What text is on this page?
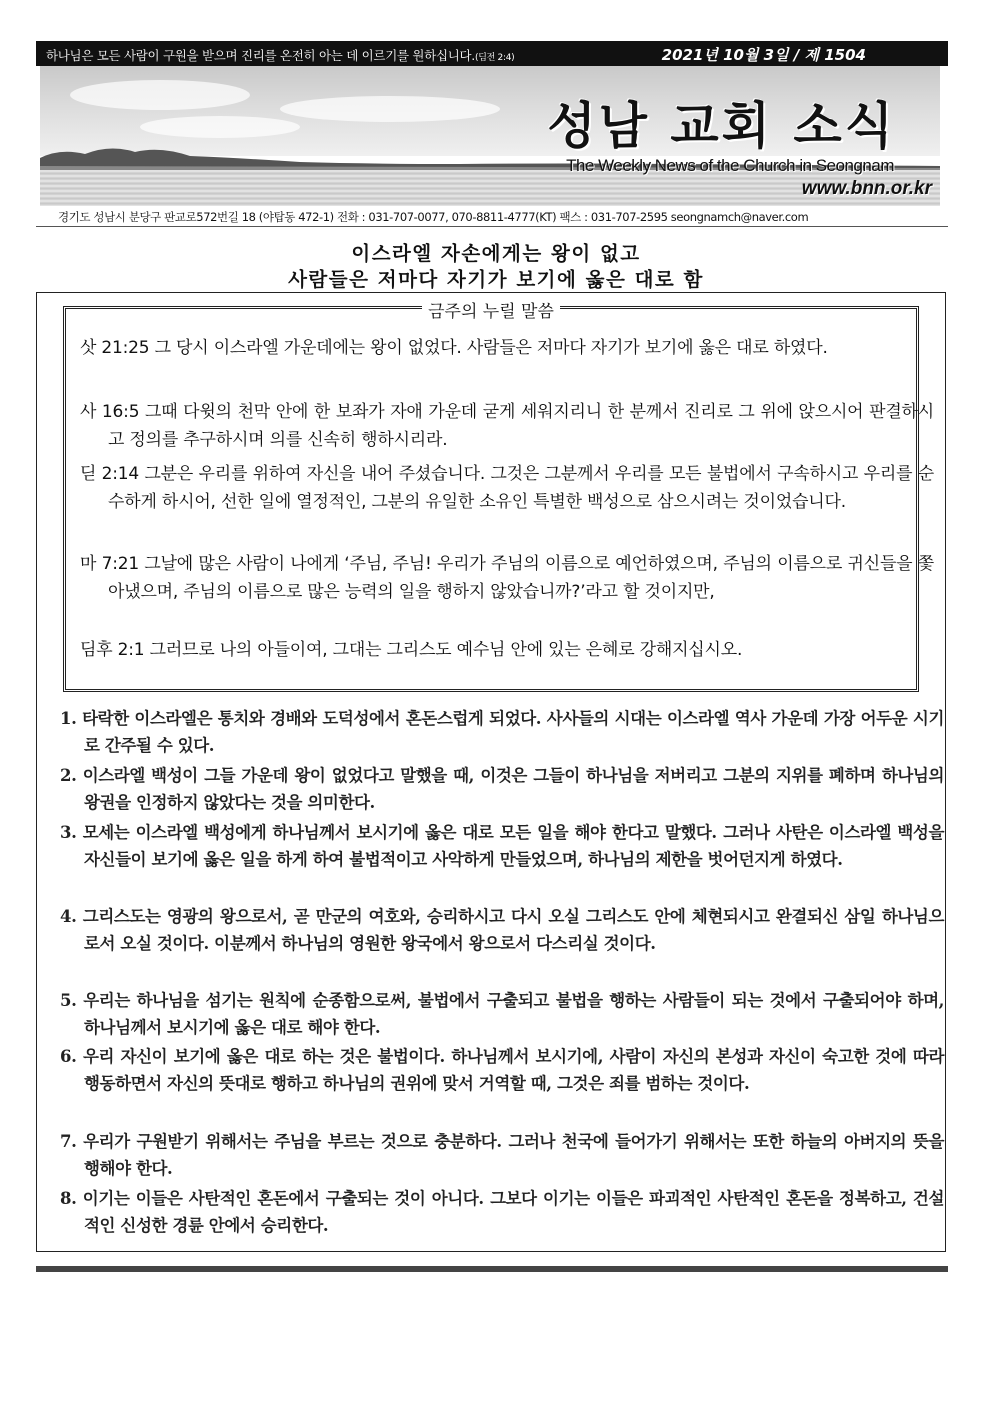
하나님은 모든 사람이 구원을 받으며 진리를 온전히 아는 데 이르기를 원하십니다.(딤전 2:4)	2021년 10월 3일 / 제 1504
성남 교회 소식
The Weekly News of the Church in Seongnam
www.bnn.or.kr
경기도 성남시 분당구 판교로572번길 18 (야탑동 472-1) 전화 : 031-707-0077, 070-8811-4777(KT) 팩스 : 031-707-2595 seongnamch@naver.com
이스라엘 자손에게는 왕이 없고
사람들은 저마다 자기가 보기에 옳은 대로 함
금주의 누릴 말씀
삿 21:25 그 당시 이스라엘 가운데에는 왕이 없었다. 사람들은 저마다 자기가 보기에 옳은 대로 하였다.
사 16:5 그때 다윗의 천막 안에 한 보좌가 자애 가운데 굳게 세워지리니 한 분께서 진리로 그 위에 앉으시어 판결하시고 정의를 추구하시며 의를 신속히 행하시리라.
딛 2:14 그분은 우리를 위하여 자신을 내어 주셨습니다. 그것은 그분께서 우리를 모든 불법에서 구속하시고 우리를 순수하게 하시어, 선한 일에 열정적인, 그분의 유일한 소유인 특별한 백성으로 삼으시려는 것이었습니다.
마 7:21 그날에 많은 사람이 나에게 ‘주님, 주님! 우리가 주님의 이름으로 예언하였으며, 주님의 이름으로 귀신들을 쫓아냈으며, 주님의 이름으로 많은 능력의 일을 행하지 않았습니까?’라고 할 것이지만,
딤후 2:1 그러므로 나의 아들이여, 그대는 그리스도 예수님 안에 있는 은혜로 강해지십시오.
1. 타락한 이스라엘은 통치와 경배와 도덕성에서 혼돈스럽게 되었다. 사사들의 시대는 이스라엘 역사 가운데 가장 어두운 시기로 간주될 수 있다.
2. 이스라엘 백성이 그들 가운데 왕이 없었다고 말했을 때, 이것은 그들이 하나님을 저버리고 그분의 지위를 폐하며 하나님의 왕권을 인정하지 않았다는 것을 의미한다.
3. 모세는 이스라엘 백성에게 하나님께서 보시기에 옳은 대로 모든 일을 해야 한다고 말했다. 그러나 사탄은 이스라엘 백성을 자신들이 보기에 옳은 일을 하게 하여 불법적이고 사악하게 만들었으며, 하나님의 제한을 벗어던지게 하였다.
4. 그리스도는 영광의 왕으로서, 곧 만군의 여호와, 승리하시고 다시 오실 그리스도 안에 체현되시고 완결되신 삼일 하나님으로서 오실 것이다. 이분께서 하나님의 영원한 왕국에서 왕으로서 다스리실 것이다.
5. 우리는 하나님을 섬기는 원칙에 순종함으로써, 불법에서 구출되고 불법을 행하는 사람들이 되는 것에서 구출되어야 하며, 하나님께서 보시기에 옳은 대로 해야 한다.
6. 우리 자신이 보기에 옳은 대로 하는 것은 불법이다. 하나님께서 보시기에, 사람이 자신의 본성과 자신이 숙고한 것에 따라 행동하면서 자신의 뜻대로 행하고 하나님의 권위에 맞서 거역할 때, 그것은 죄를 범하는 것이다.
7. 우리가 구원받기 위해서는 주님을 부르는 것으로 충분하다. 그러나 천국에 들어가기 위해서는 또한 하늘의 아버지의 뜻을 행해야 한다.
8. 이기는 이들은 사탄적인 혼돈에서 구출되는 것이 아니다. 그보다 이기는 이들은 파괴적인 사탄적인 혼돈을 정복하고, 건설적인 신성한 경륜 안에서 승리한다.
